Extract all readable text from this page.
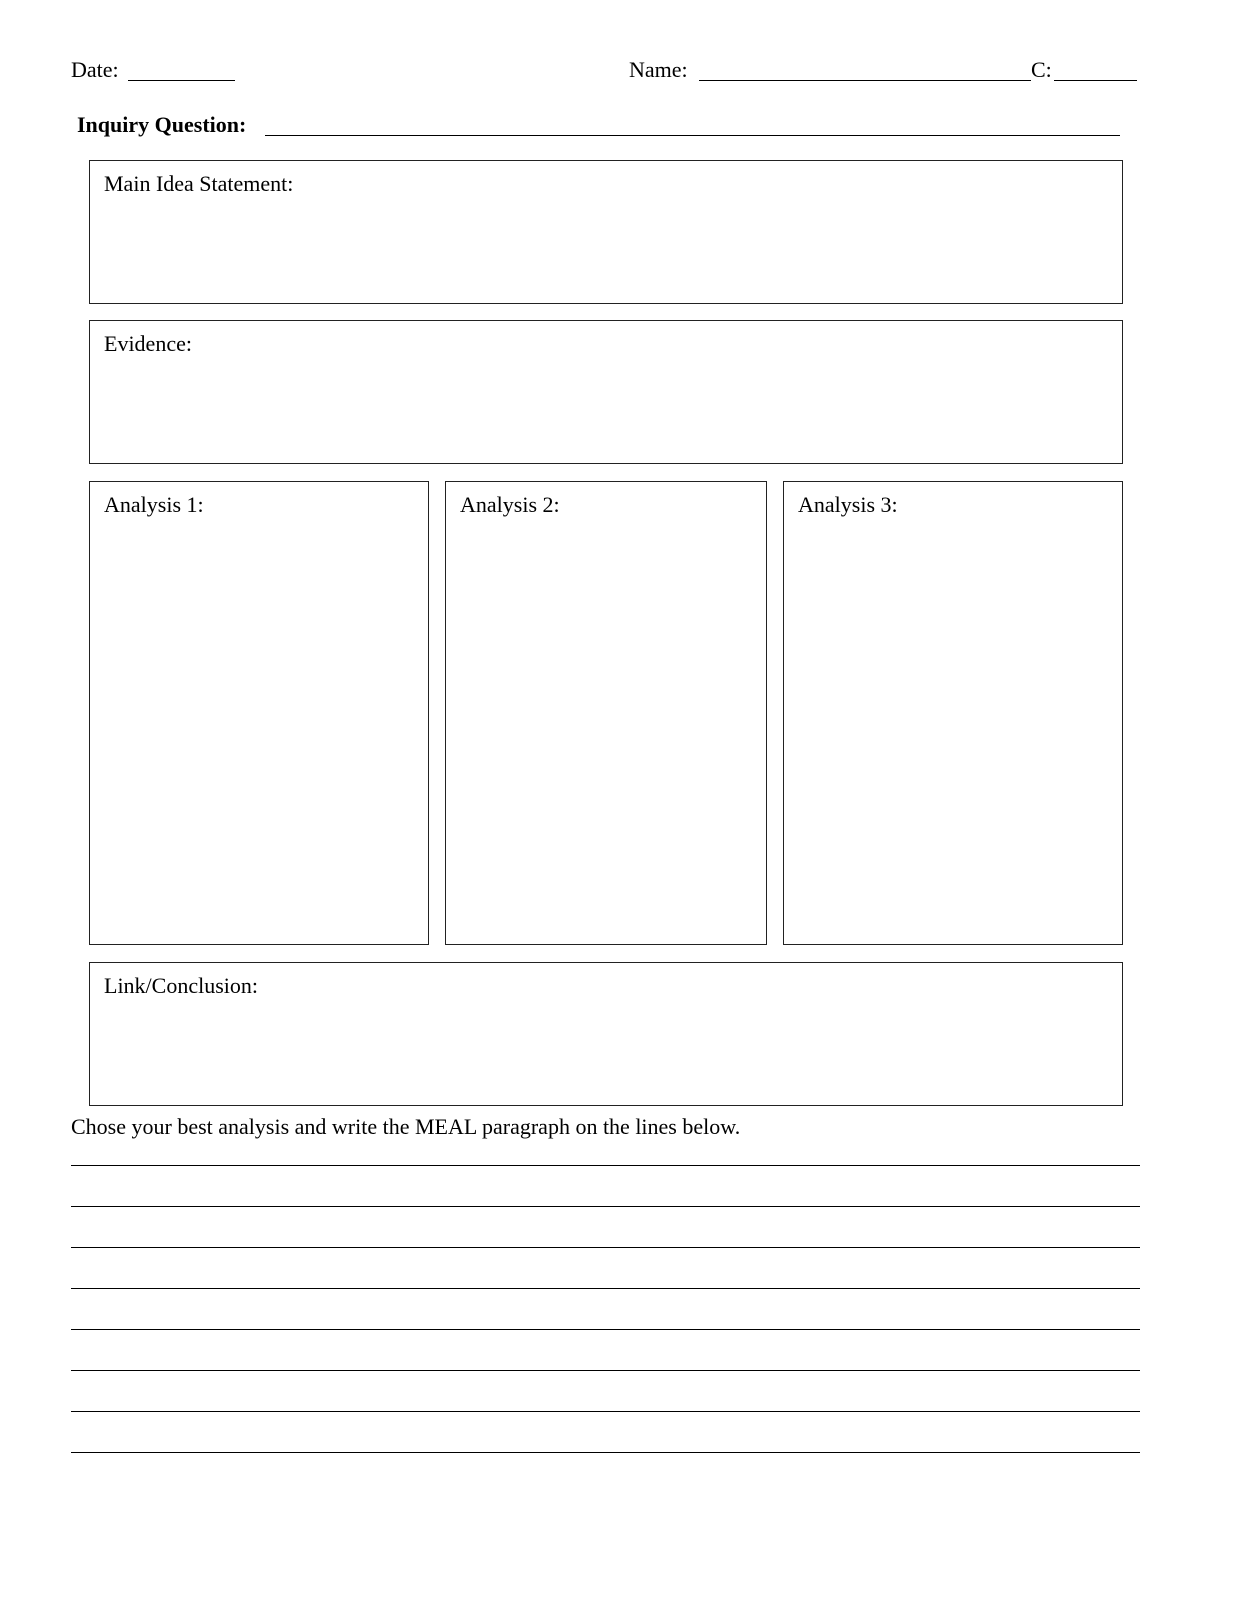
Date:	Name:	C:
Inquiry Question:
Main Idea Statement:
Evidence:
Analysis 1:	Analysis 2:	Analysis 3:
Link/Conclusion:
Chose your best analysis and write the MEAL paragraph on the lines below.
